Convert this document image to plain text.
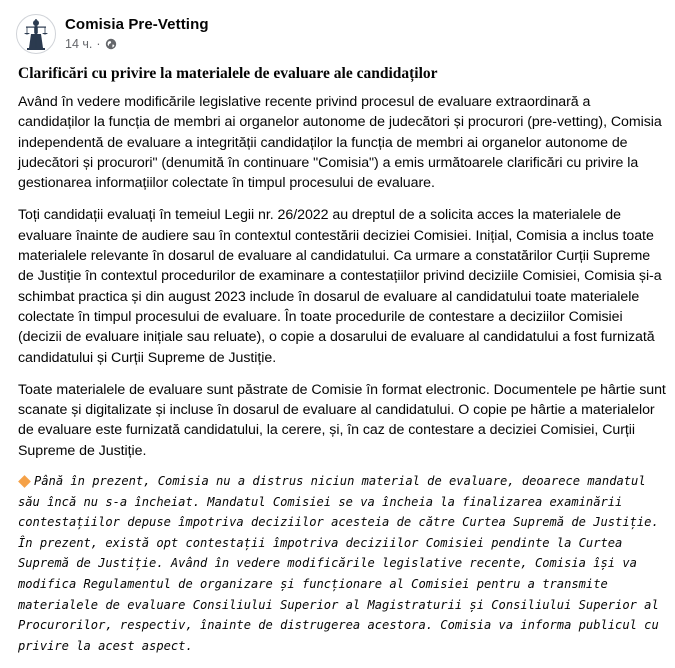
Comisia Pre-Vetting
14 ч. ·
Clarificări cu privire la materialele de evaluare ale candidaților

Având în vedere modificările legislative recente privind procesul de evaluare extraordinară a candidaților la funcția de membri ai organelor autonome de judecători și procurori (pre-vetting), Comisia independentă de evaluare a integrității candidaților la funcția de membri ai organelor autonome de judecători și procurori" (denumită în continuare "Comisia") a emis următoarele clarificări cu privire la gestionarea informațiilor colectate în timpul procesului de evaluare.

Toți candidații evaluați în temeiul Legii nr. 26/2022 au dreptul de a solicita acces la materialele de evaluare înainte de audiere sau în contextul contestării deciziei Comisiei. Inițial, Comisia a inclus toate materialele relevante în dosarul de evaluare al candidatului. Ca urmare a constatărilor Curții Supreme de Justiție în contextul procedurilor de examinare a contestațiilor privind deciziile Comisiei, Comisia și-a schimbat practica și din august 2023 include în dosarul de evaluare al candidatului toate materialele colectate în timpul procesului de evaluare. În toate procedurile de contestare a deciziilor Comisiei (decizii de evaluare inițiale sau reluate), o copie a dosarului de evaluare al candidatului a fost furnizată candidatului și Curții Supreme de Justiție.

Toate materialele de evaluare sunt păstrate de Comisie în format electronic. Documentele pe hârtie sunt scanate și digitalizate și incluse în dosarul de evaluare al candidatului. O copie pe hârtie a materialelor de evaluare este furnizată candidatului, la cerere, și, în caz de contestare a deciziei Comisiei, Curții Supreme de Justiție.

Până în prezent, Comisia nu a distrus niciun material de evaluare, deoarece mandatul său încă nu s-a încheiat. Mandatul Comisiei se va încheia la finalizarea examinării contestațiilor depuse împotriva deciziilor acesteia de către Curtea Supremă de Justiție. În prezent, există opt contestații împotriva deciziilor Comisiei pendinte la Curtea Supremă de Justiție. Având în vedere modificările legislative recente, Comisia își va modifica Regulamentul de organizare și funcționare al Comisiei pentru a transmite materialele de evaluare Consiliului Superior al Magistraturii și Consiliului Superior al Procurorilor, respectiv, înainte de distrugerea acestora. Comisia va informa publicul cu privire la acest aspect.
